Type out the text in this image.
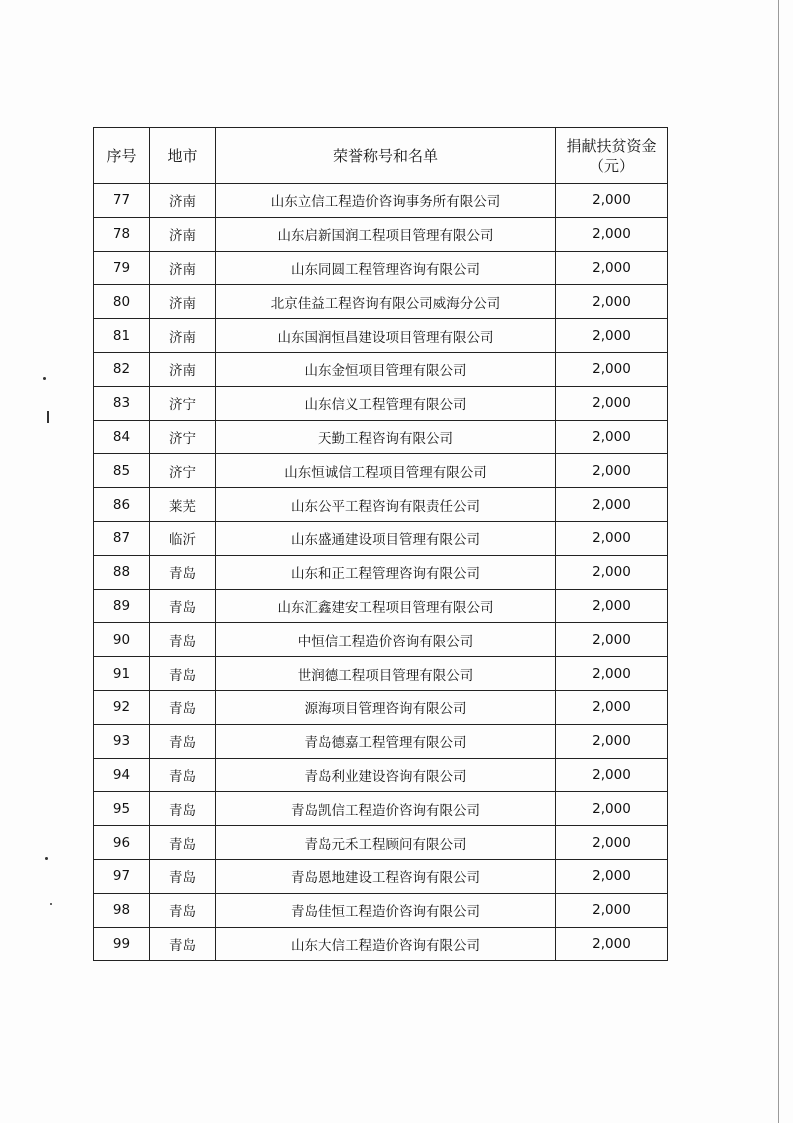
序号	地市	荣誉称号和名单	捐献扶贫资金（元）
77	济南	山东立信工程造价咨询事务所有限公司	2,000
78	济南	山东启新国润工程项目管理有限公司	2,000
79	济南	山东同圆工程管理咨询有限公司	2,000
80	济南	北京佳益工程咨询有限公司威海分公司	2,000
81	济南	山东国润恒昌建设项目管理有限公司	2,000
82	济南	山东金恒项目管理有限公司	2,000
83	济宁	山东信义工程管理有限公司	2,000
84	济宁	天勤工程咨询有限公司	2,000
85	济宁	山东恒诚信工程项目管理有限公司	2,000
86	莱芜	山东公平工程咨询有限责任公司	2,000
87	临沂	山东盛通建设项目管理有限公司	2,000
88	青岛	山东和正工程管理咨询有限公司	2,000
89	青岛	山东汇鑫建安工程项目管理有限公司	2,000
90	青岛	中恒信工程造价咨询有限公司	2,000
91	青岛	世润德工程项目管理有限公司	2,000
92	青岛	源海项目管理咨询有限公司	2,000
93	青岛	青岛德嘉工程管理有限公司	2,000
94	青岛	青岛利业建设咨询有限公司	2,000
95	青岛	青岛凯信工程造价咨询有限公司	2,000
96	青岛	青岛元禾工程顾问有限公司	2,000
97	青岛	青岛恩地建设工程咨询有限公司	2,000
98	青岛	青岛佳恒工程造价咨询有限公司	2,000
99	青岛	山东大信工程造价咨询有限公司	2,000
